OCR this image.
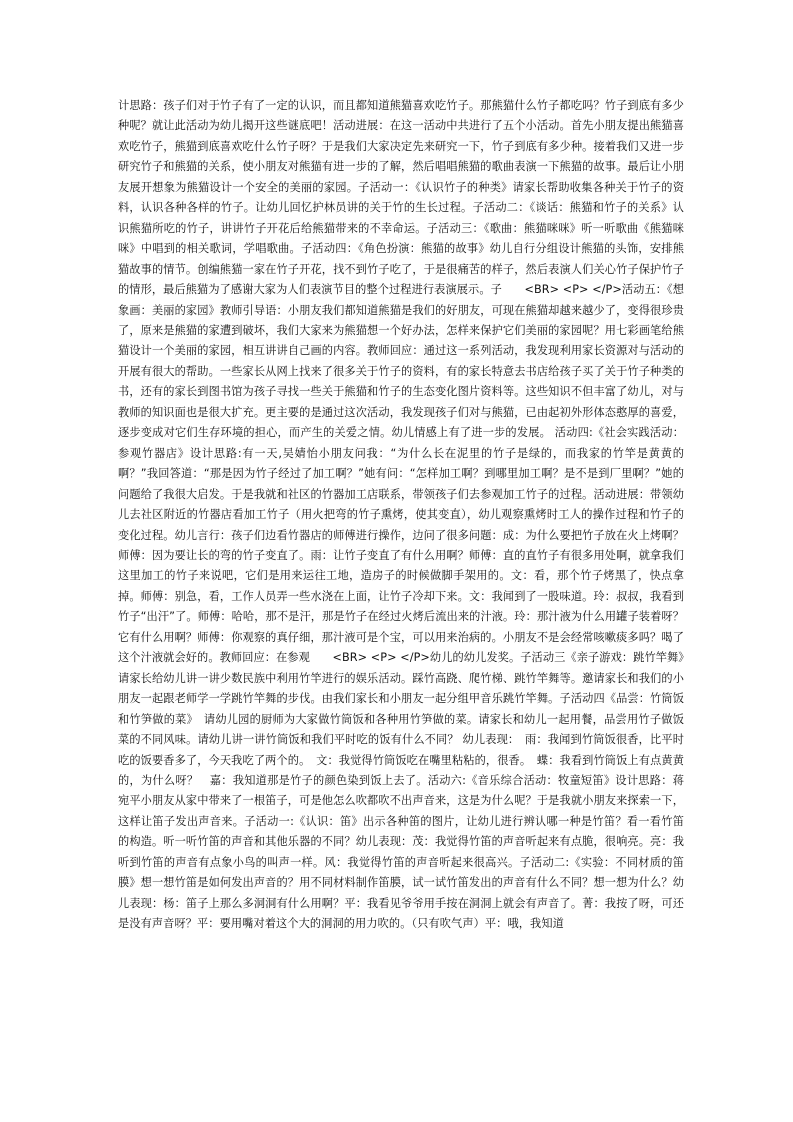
计思路：孩子们对于竹子有了一定的认识，而且都知道熊猫喜欢吃竹子。那熊猫什么竹子都吃吗？竹子到底有多少种呢？就让此活动为幼儿揭开这些谜底吧！活动进展：在这一活动中共进行了五个小活动。首先小朋友提出熊猫喜欢吃竹子，熊猫到底喜欢吃什么竹子呀？于是我们大家决定先来研究一下，竹子到底有多少种。接着我们又进一步研究竹子和熊猫的关系，使小朋友对熊猫有进一步的了解，然后唱唱熊猫的歌曲表演一下熊猫的故事。最后让小朋友展开想象为熊猫设计一个安全的美丽的家园。子活动一：《认识竹子的种类》请家长帮助收集各种关于竹子的资料，认识各种各样的竹子。让幼儿回忆护林员讲的关于竹的生长过程。子活动二：《谈话：熊猫和竹子的关系》认识熊猫所吃的竹子，讲讲竹子开花后给熊猫带来的不幸命运。子活动三：《歌曲：熊猫咪咪》听一听歌曲《熊猫咪咪》中唱到的相关歌词，学唱歌曲。子活动四：《角色扮演：熊猫的故事》幼儿自行分组设计熊猫的头饰，安排熊猫故事的情节。创编熊猫一家在竹子开花，找不到竹子吃了，于是很痛苦的样子，然后表演人们关心竹子保护竹子的情形，最后熊猫为了感谢大家为人们表演节目的整个过程进行表演展示。子　　<BR> <P> </P>活动五：《想象画：美丽的家园》教师引导语：小朋友我们都知道熊猫是我们的好朋友，可现在熊猫却越来越少了，变得很珍贵了，原来是熊猫的家遭到破坏，我们大家来为熊猫想一个好办法，怎样来保护它们美丽的家园呢？用七彩画笔给熊猫设计一个美丽的家园，相互讲讲自己画的内容。教师回应：通过这一系列活动，我发现利用家长资源对与活动的开展有很大的帮助。一些家长从网上找来了很多关于竹子的资料，有的家长特意去书店给孩子买了关于竹子种类的书，还有的家长到图书馆为孩子寻找一些关于熊猫和竹子的生态变化图片资料等。这些知识不但丰富了幼儿，对与教师的知识面也是很大扩充。更主要的是通过这次活动，我发现孩子们对与熊猫，已由起初外形体态憨厚的喜爱，逐步变成对它们生存环境的担心，而产生的关爱之情。幼儿情感上有了进一步的发展。 活动四:《社会实践活动：参观竹器店》设计思路:有一天,吴婧怡小朋友问我：“为什么长在泥里的竹子是绿的，而我家的竹竿是黄黄的啊？”我回答道：“那是因为竹子经过了加工啊？”她有问：“怎样加工啊？到哪里加工啊？是不是到厂里啊？”她的问题给了我很大启发。于是我就和社区的竹器加工店联系，带领孩子们去参观加工竹子的过程。活动进展：带领幼儿去社区附近的竹器店看加工竹子（用火把弯的竹子熏烤，使其变直），幼儿观察熏烤时工人的操作过程和竹子的变化过程。幼儿言行：孩子们边看竹器店的师傅进行操作，边问了很多问题：成：为什么要把竹子放在火上烤啊？师傅：因为要让长的弯的竹子变直了。雨：让竹子变直了有什么用啊？师傅：直的直竹子有很多用处啊，就拿我们这里加工的竹子来说吧，它们是用来运往工地，造房子的时候做脚手架用的。文：看，那个竹子烤黑了，快点拿掉。师傅：别急，看，工作人员弄一些水浇在上面，让竹子冷却下来。文：我闻到了一股味道。玲：叔叔，我看到竹子“出汗”了。师傅：哈哈，那不是汗，那是竹子在经过火烤后流出来的汁液。玲：那汁液为什么用罐子装着呀？它有什么用啊？师傅：你观察的真仔细，那汁液可是个宝，可以用来治病的。小朋友不是会经常咳嗽痰多吗？喝了这个汁液就会好的。教师回应：在参观　　<BR> <P> </P>幼儿的幼儿发奖。子活动三《亲子游戏：跳竹竿舞》请家长给幼儿讲一讲少数民族中利用竹竿进行的娱乐活动。踩竹高跷、爬竹梯、跳竹竿舞等。邀请家长和我们的小朋友一起跟老师学一学跳竹竿舞的步伐。由我们家长和小朋友一起分组甲音乐跳竹竿舞。子活动四《品尝：竹筒饭和竹笋做的菜》　请幼儿园的厨师为大家做竹筒饭和各种用竹笋做的菜。请家长和幼儿一起用餐，品尝用竹子做饭菜的不同风味。请幼儿讲一讲竹筒饭和我们平时吃的饭有什么不同？ 幼儿表现：　雨：我闻到竹筒饭很香，比平时吃的饭要香多了，今天我吃了两个的。　文：我觉得竹筒饭吃在嘴里粘粘的，很香。　蝶：我看到竹筒饭上有点黄黄的，为什么呀？　嘉：我知道那是竹子的颜色染到饭上去了。活动六:《音乐综合活动：牧童短笛》设计思路：蒋宛平小朋友从家中带来了一根笛子，可是他怎么吹都吹不出声音来，这是为什么呢？于是我就小朋友来探索一下，这样让笛子发出声音来。子活动一:《认识：笛》出示各种笛的图片，让幼儿进行辨认哪一种是竹笛？看一看竹笛的构造。听一听竹笛的声音和其他乐器的不同？幼儿表现：茂：我觉得竹笛的声音听起来有点脆，很响亮。亮：我听到竹笛的声音有点象小鸟的叫声一样。风：我觉得竹笛的声音听起来很高兴。子活动二:《实验：不同材质的笛膜》想一想竹笛是如何发出声音的？用不同材料制作笛膜，试一试竹笛发出的声音有什么不同？想一想为什么？幼儿表现：杨：笛子上那么多洞洞有什么用啊？平：我看见爷爷用手按在洞洞上就会有声音了。菁：我按了呀，可还是没有声音呀？平：要用嘴对着这个大的洞洞的用力吹的。（只有吹气声）平：哦，我知道
